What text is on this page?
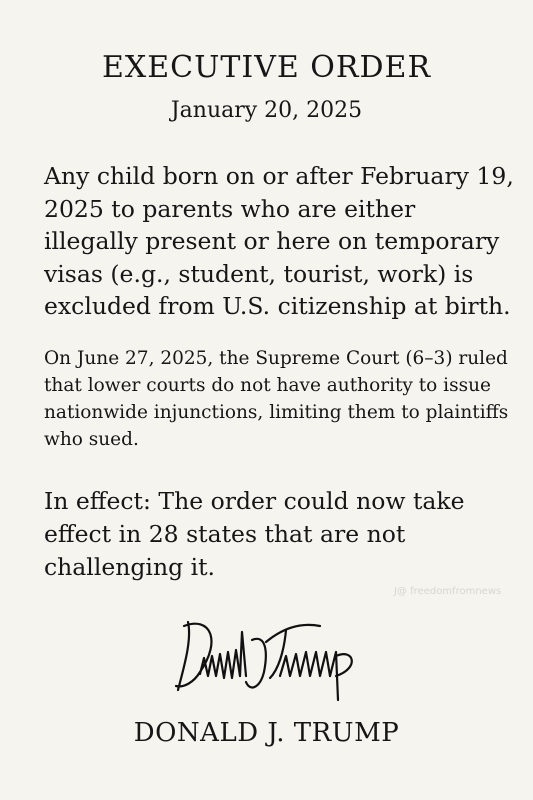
EXECUTIVE ORDER
January 20, 2025
Any child born on or after February 19, 2025 to parents who are either illegally present or here on temporary visas (e.g., student, tourist, work) is excluded from U.S. citizenship at birth.
On June 27, 2025, the Supreme Court (6–3) ruled that lower courts do not have authority to issue nationwide injunctions, limiting them to plaintiffs who sued.
In effect: The order could now take effect in 28 states that are not challenging it.
J@ freedomfromnews
DONALD J. TRUMP
